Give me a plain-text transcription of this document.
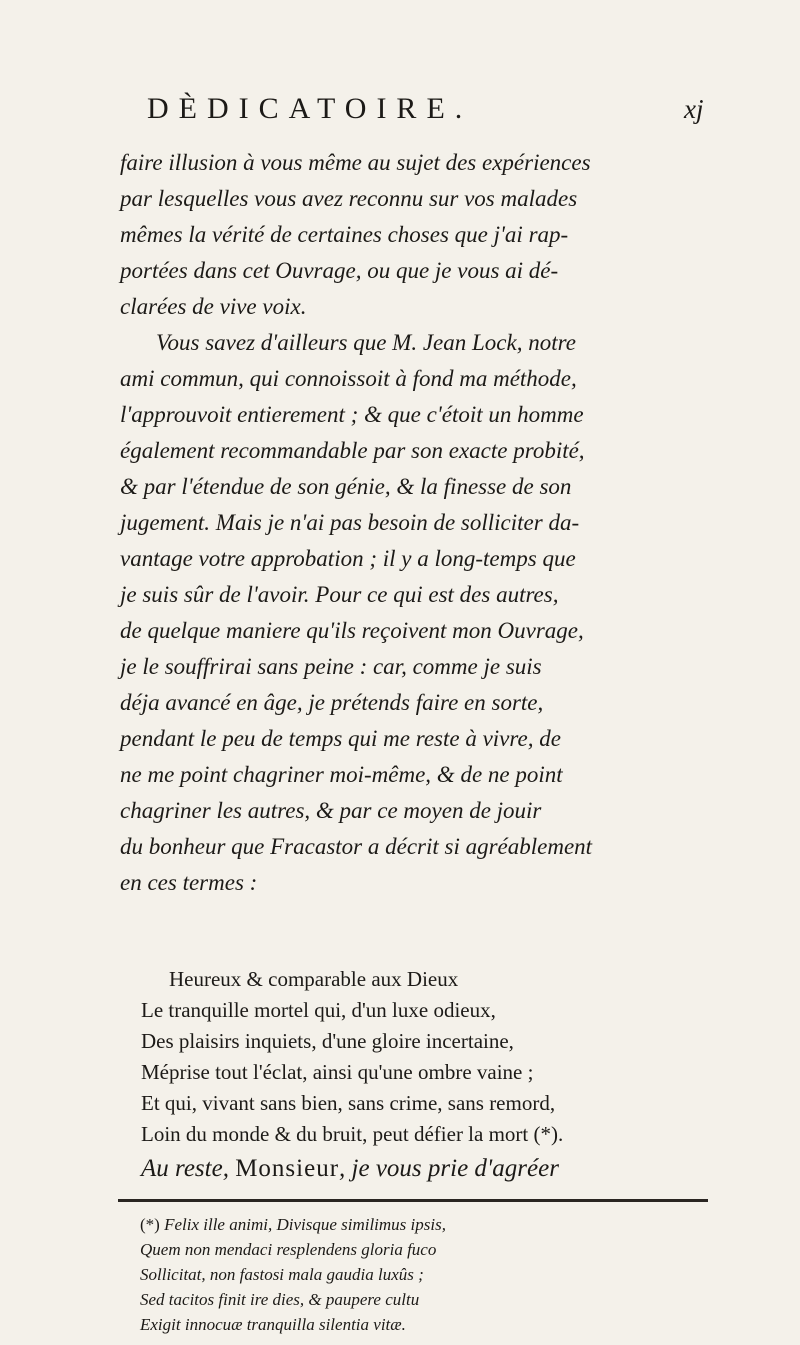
DÈDICATOIRE.	xj
faire illusion à vous même au sujet des expériences
par lesquelles vous avez reconnu sur vos malades
mêmes la vérité de certaines choses que j'ai rap-
portées dans cet Ouvrage, ou que je vous ai dé-
clarées de vive voix.
Vous savez d'ailleurs que M. Jean Lock, notre
ami commun, qui connoissoit à fond ma méthode,
l'approuvoit entierement ; & que c'étoit un homme
également recommandable par son exacte probité,
& par l'étendue de son génie, & la finesse de son
jugement. Mais je n'ai pas besoin de solliciter da-
vantage votre approbation ; il y a long-temps que
je suis sûr de l'avoir. Pour ce qui est des autres,
de quelque maniere qu'ils reçoivent mon Ouvrage,
je le souffrirai sans peine : car, comme je suis
déja avancé en âge, je prétends faire en sorte,
pendant le peu de temps qui me reste à vivre, de
ne me point chagriner moi-même, & de ne point
chagriner les autres, & par ce moyen de jouir
du bonheur que Fracastor a décrit si agréablement
en ces termes :
Heureux & comparable aux Dieux
Le tranquille mortel qui, d'un luxe odieux,
Des plaisirs inquiets, d'une gloire incertaine,
Méprise tout l'éclat, ainsi qu'une ombre vaine ;
Et qui, vivant sans bien, sans crime, sans remord,
Loin du monde & du bruit, peut défier la mort (*).
Au reste, Monsieur, je vous prie d'agréer
(*) Felix ille animi, Divisque similimus ipsis,
Quem non mendaci resplendens gloria fuco
Sollicitat, non fastosi mala gaudia luxûs ;
Sed tacitos finit ire dies, & paupere cultu
Exigit innocuæ tranquilla silentia vitæ.
